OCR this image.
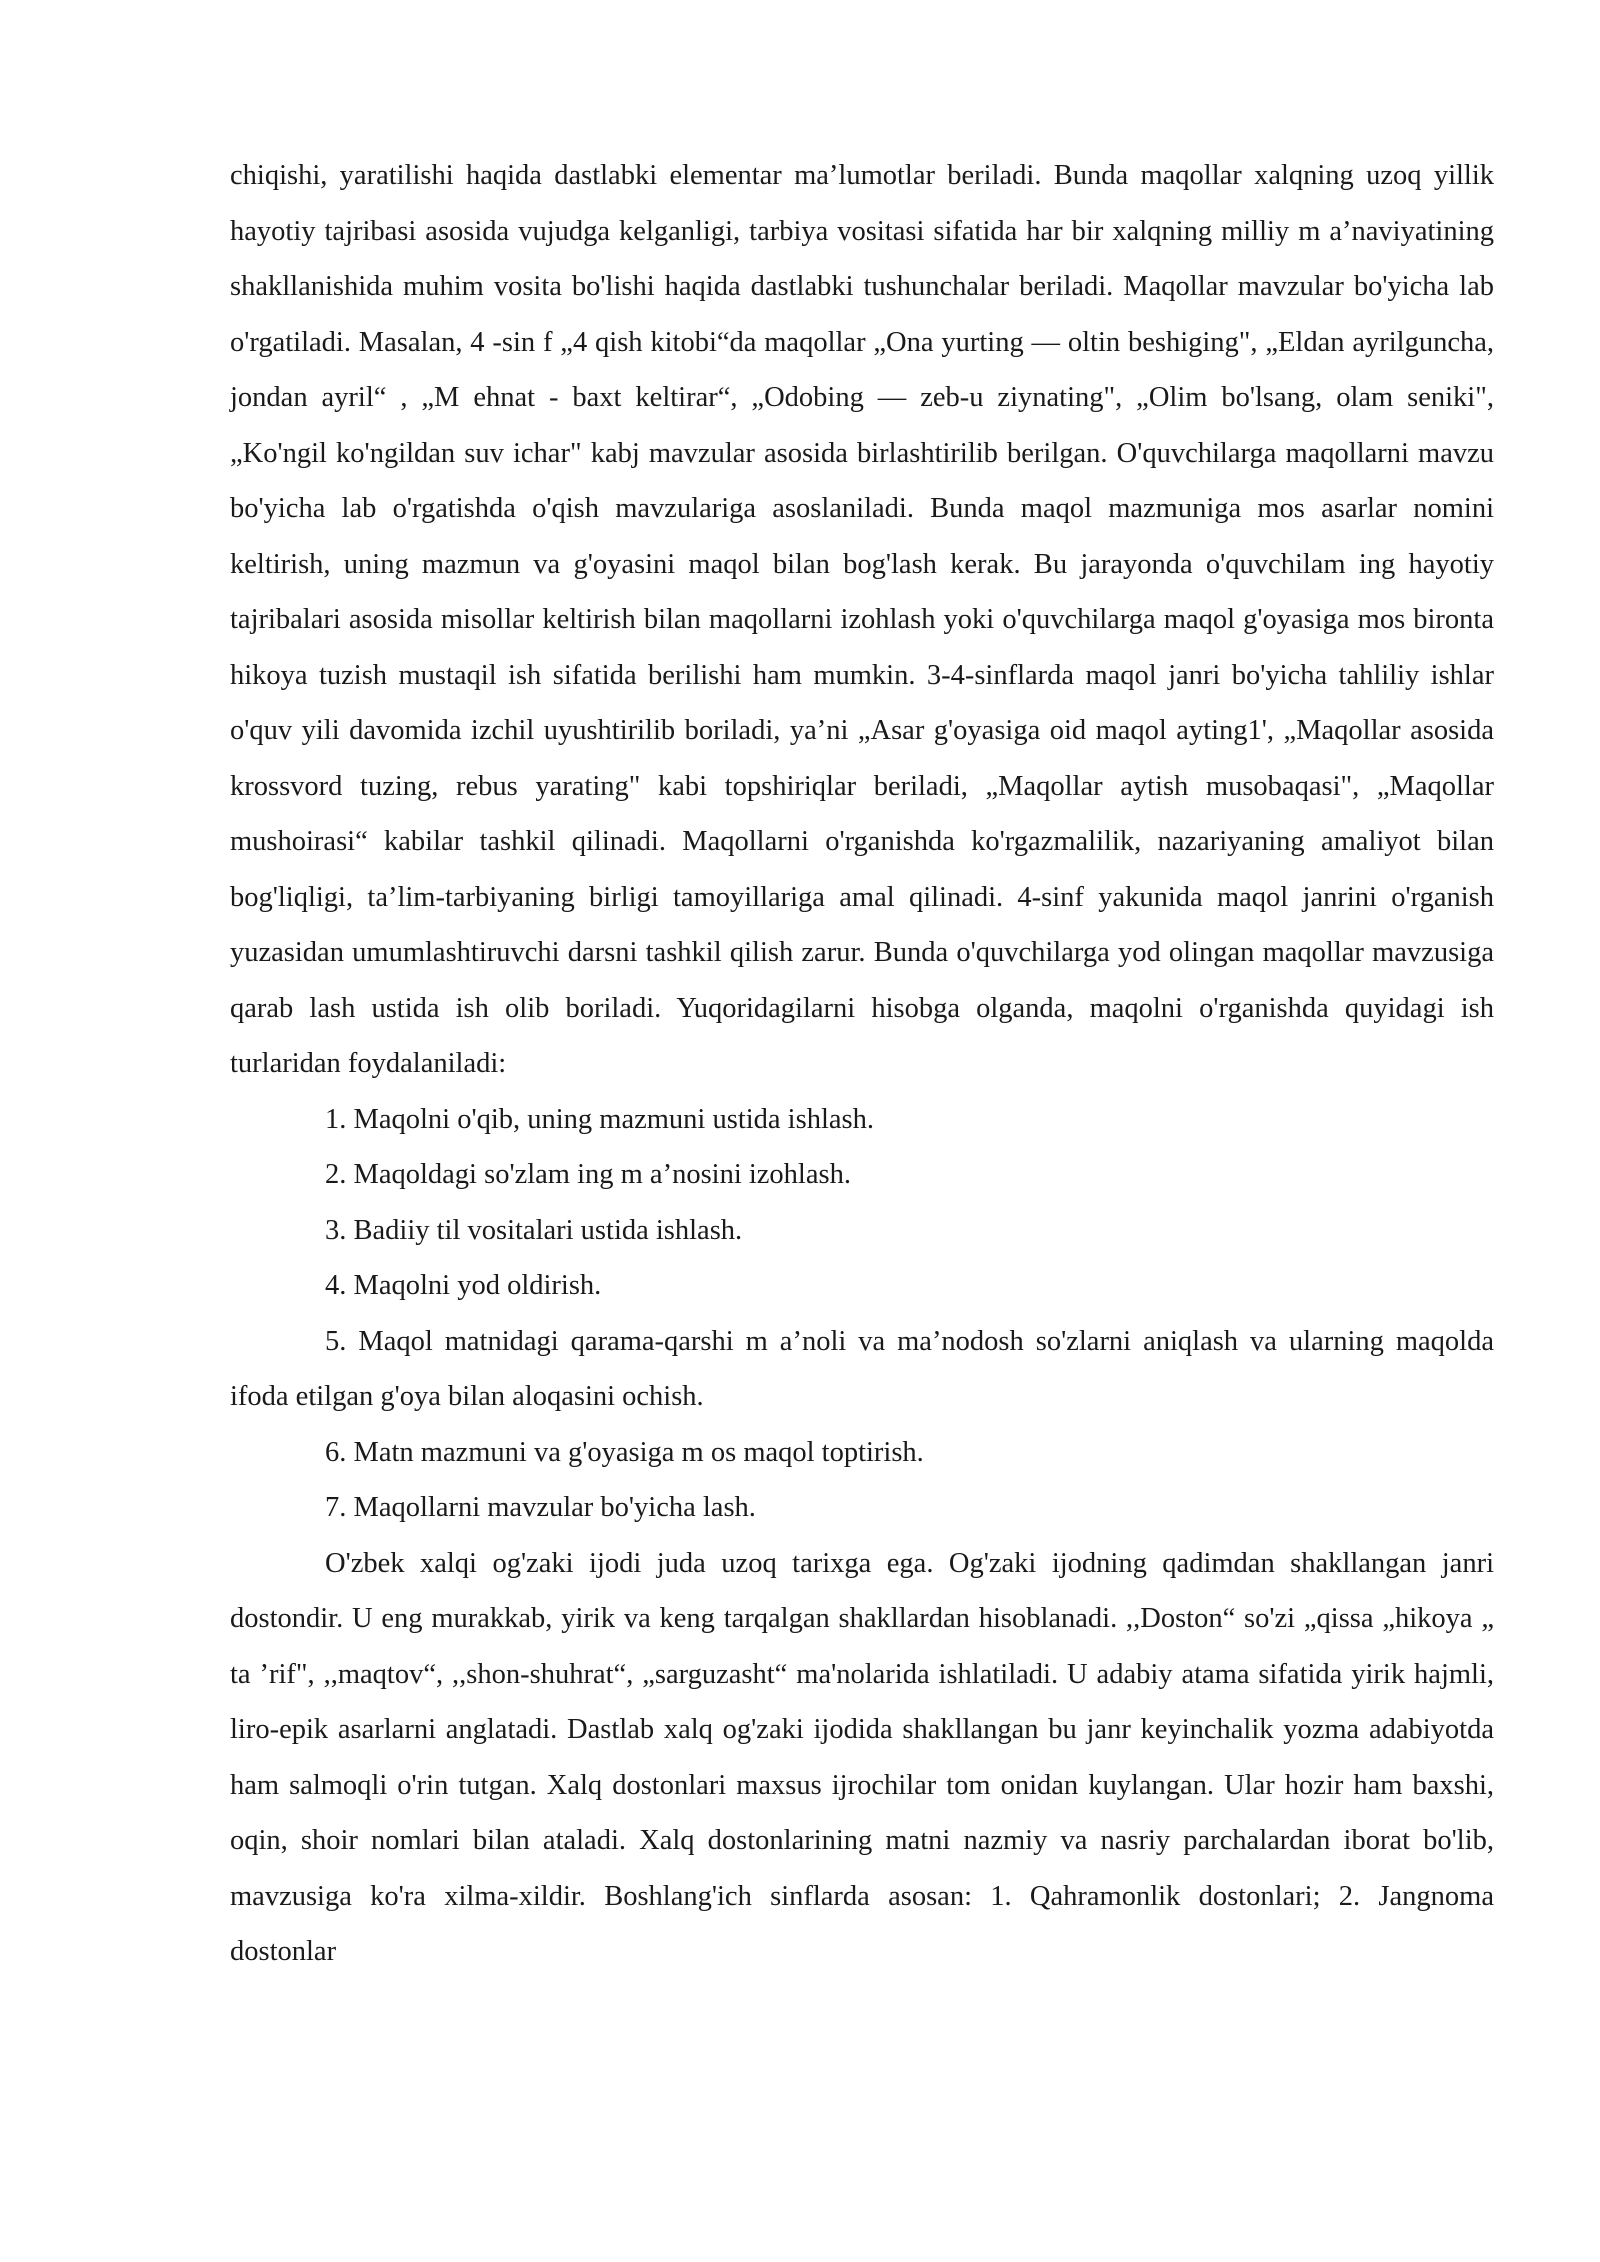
chiqishi, yaratilishi haqida dastlabki elementar ma’lumotlar beriladi. Bunda maqollar xalqning uzoq yillik hayotiy tajribasi asosida vujudga kelganligi, tarbiya vositasi sifatida har bir xalqning milliy m a’naviyatining shakllanishida muhim vosita bo'lishi haqida dastlabki tushunchalar beriladi. Maqollar mavzular bo'yicha lab o'rgatiladi. Masalan, 4 -sin f „4 qish kitobi“da maqollar „Ona yurting — oltin beshiging", „Eldan ayrilguncha, jondan ayril“ , „M ehnat - baxt keltirar“, „Odobing — zeb-u ziynating", „Olim bo'lsang, olam seniki", „Ko'ngil ko'ngildan suv ichar" kabj mavzular asosida birlashtirilib berilgan. O'quvchilarga maqollarni mavzu bo'yicha lab o'rgatishda o'qish mavzulariga asoslaniladi. Bunda maqol mazmuniga mos asarlar nomini keltirish, uning mazmun va g'oyasini maqol bilan bog'lash kerak. Bu jarayonda o'quvchilam ing hayotiy tajribalari asosida misollar keltirish bilan maqollarni izohlash yoki o'quvchilarga maqol g'oyasiga mos bironta hikoya tuzish mustaqil ish sifatida berilishi ham mumkin. 3-4-sinflarda maqol janri bo'yicha tahliliy ishlar o'quv yili davomida izchil uyushtirilib boriladi, ya’ni „Asar g'oyasiga oid maqol ayting1', „Maqollar asosida krossvord tuzing, rebus yarating" kabi topshiriqlar beriladi, „Maqollar aytish musobaqasi", „Maqollar mushoirasi“ kabilar tashkil qilinadi. Maqollarni o'rganishda ko'rgazmalilik, nazariyaning amaliyot bilan bog'liqligi, ta’lim-tarbiyaning birligi tamoyillariga amal qilinadi. 4-sinf yakunida maqol janrini o'rganish yuzasidan umumlashtiruvchi darsni tashkil qilish zarur. Bunda o'quvchilarga yod olingan maqollar mavzusiga qarab lash ustida ish olib boriladi. Yuqoridagilarni hisobga olganda, maqolni o'rganishda quyidagi ish turlaridan foydalaniladi:

1. Maqolni o'qib, uning mazmuni ustida ishlash.

2. Maqoldagi so'zlam ing m a’nosini izohlash.

3. Badiiy til vositalari ustida ishlash.

4. Maqolni yod oldirish.

5. Maqol matnidagi qarama-qarshi m a’noli va ma’nodosh so'zlarni aniqlash va ularning maqolda ifoda etilgan g'oya bilan aloqasini ochish.

6. Matn mazmuni va g'oyasiga m os maqol toptirish.

7. Maqollarni mavzular bo'yicha lash.

O'zbek xalqi og'zaki ijodi juda uzoq tarixga ega. Og'zaki ijodning qadimdan shakllangan janri dostondir. U eng murakkab, yirik va keng tarqalgan shakllardan hisoblanadi. ,,Doston“ so'zi „qissa „hikoya „ ta ’rif", ,,maqtov“, ,,shon-shuhrat“, „sarguzasht“ ma'nolarida ishlatiladi. U adabiy atama sifatida yirik hajmli, liro-epik asarlarni anglatadi. Dastlab xalq og'zaki ijodida shakllangan bu janr keyinchalik yozma adabiyotda ham salmoqli o'rin tutgan. Xalq dostonlari maxsus ijrochilar tom onidan kuylangan. Ular hozir ham baxshi, oqin, shoir nomlari bilan ataladi. Xalq dostonlarining matni nazmiy va nasriy parchalardan iborat bo'lib, mavzusiga ko'ra xilma-xildir. Boshlang'ich sinflarda asosan: 1. Qahramonlik dostonlari; 2. Jangnoma dostonlar
